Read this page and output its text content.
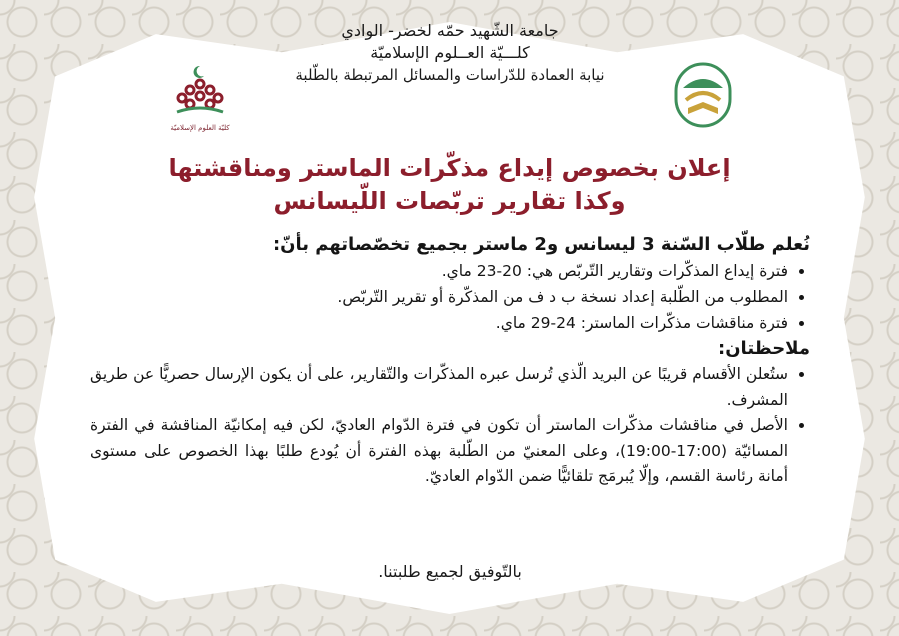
جامعة الشّهيد حمّه لخضر- الوادي
كلـــيّة العــلوم الإسلاميّة
نيابة العمادة للدّراسات والمسائل المرتبطة بالطّلبة
كليّة العلوم الإسلاميّة
إعلان بخصوص إيداع مذكّرات الماستر ومناقشتها
وكذا تقارير تربّصات اللّيسانس

نُعلم طلّاب السّنة 3 ليسانس و2 ماستر بجميع تخصّصاتهم بأنّ:

• فترة إيداع المذكّرات وتقارير التّربّص هي: 20-23 ماي.
• المطلوب من الطّلبة إعداد نسخة ب د ف من المذكّرة أو تقرير التّربّص.
• فترة مناقشات مذكّرات الماستر: 24-29 ماي.

ملاحظتان:

• ستُعلن الأقسام قريبًا عن البريد الّذي تُرسل عبره المذكّرات والتّقارير، على أن يكون الإرسال حصريًّا عن طريق المشرف.
• الأصل في مناقشات مذكّرات الماستر أن تكون في فترة الدّوام العاديّ، لكن فيه إمكانيّة المناقشة في الفترة المسائيّة (17:00-19:00)، وعلى المعنيّ من الطّلبة بهذه الفترة أن يُودع طلبًا بهذا الخصوص على مستوى أمانة رئاسة القسم، وإلّا يُبرمَج تلقائيًّا ضمن الدّوام العاديّ.
بالتّوفيق لجميع طلبتنا.
